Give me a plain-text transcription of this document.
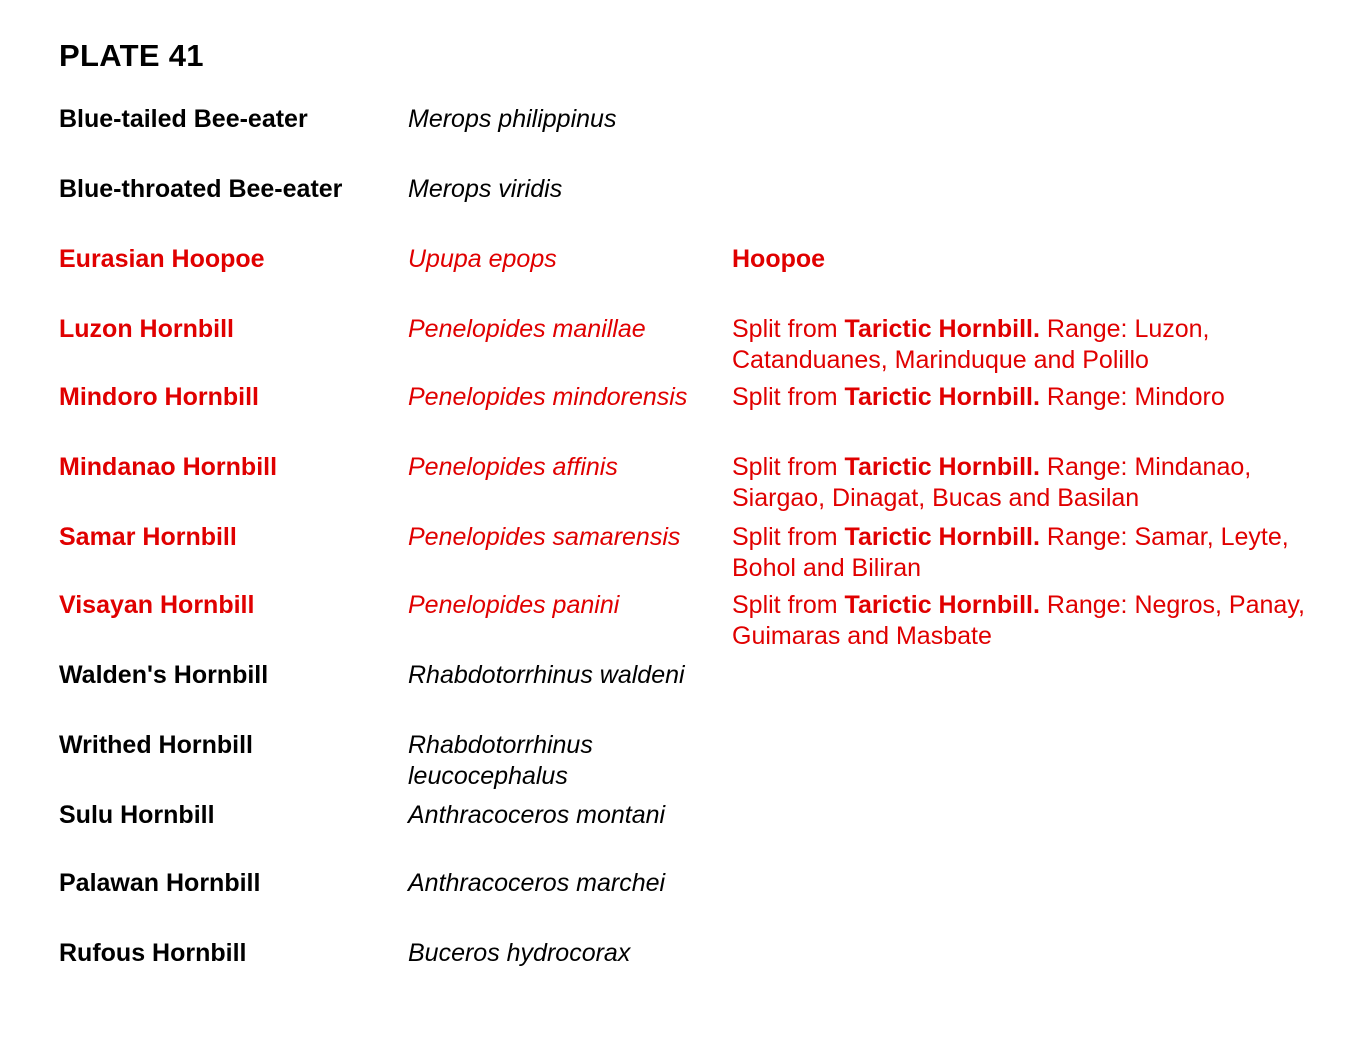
PLATE 41
Blue-tailed Bee-eater	Merops philippinus
Blue-throated Bee-eater	Merops viridis
Eurasian Hoopoe	Upupa epops	Hoopoe
Luzon Hornbill	Penelopides manillae	Split from Tarictic Hornbill. Range: Luzon, Catanduanes, Marinduque and Polillo
Mindoro Hornbill	Penelopides mindorensis	Split from Tarictic Hornbill. Range: Mindoro
Mindanao Hornbill	Penelopides affinis	Split from Tarictic Hornbill. Range: Mindanao, Siargao, Dinagat, Bucas and Basilan
Samar Hornbill	Penelopides samarensis	Split from Tarictic Hornbill. Range: Samar, Leyte, Bohol and Biliran
Visayan Hornbill	Penelopides panini	Split from Tarictic Hornbill. Range: Negros, Panay, Guimaras and Masbate
Walden's Hornbill	Rhabdotorrhinus waldeni
Writhed Hornbill	Rhabdotorrhinus leucocephalus
Sulu Hornbill	Anthracoceros montani
Palawan Hornbill	Anthracoceros marchei
Rufous Hornbill	Buceros hydrocorax
